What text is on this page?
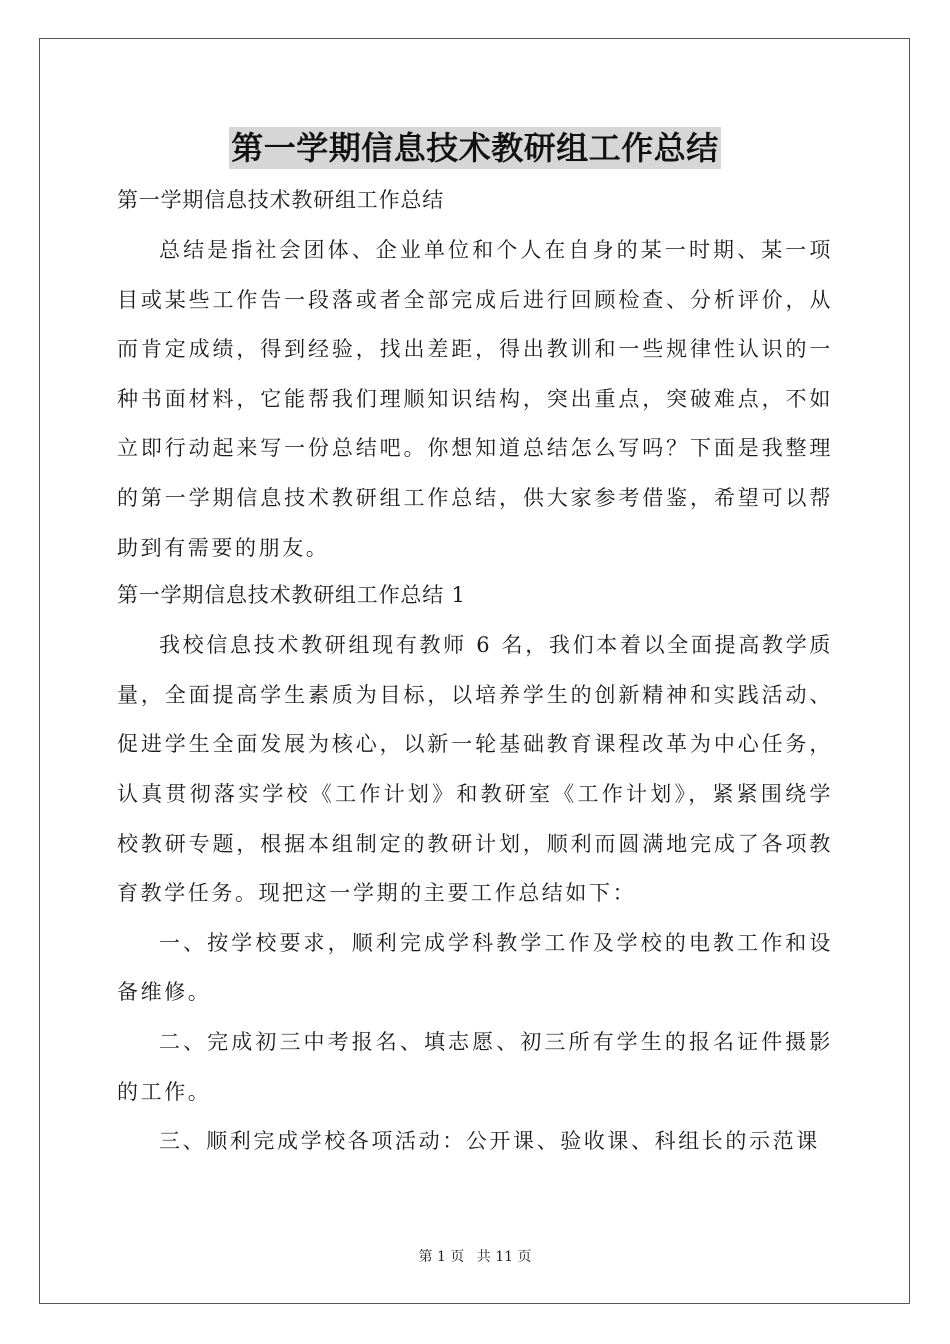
第一学期信息技术教研组工作总结

第一学期信息技术教研组工作总结

总结是指社会团体、企业单位和个人在自身的某一时期、某一项目或某些工作告一段落或者全部完成后进行回顾检查、分析评价，从而肯定成绩，得到经验，找出差距，得出教训和一些规律性认识的一种书面材料，它能帮我们理顺知识结构，突出重点，突破难点，不如立即行动起来写一份总结吧。你想知道总结怎么写吗？下面是我整理的第一学期信息技术教研组工作总结，供大家参考借鉴，希望可以帮助到有需要的朋友。

第一学期信息技术教研组工作总结 1

我校信息技术教研组现有教师 6 名，我们本着以全面提高教学质量，全面提高学生素质为目标，以培养学生的创新精神和实践活动、促进学生全面发展为核心，以新一轮基础教育课程改革为中心任务，认真贯彻落实学校《工作计划》和教研室《工作计划》，紧紧围绕学校教研专题，根据本组制定的教研计划，顺利而圆满地完成了各项教育教学任务。现把这一学期的主要工作总结如下：

一、按学校要求，顺利完成学科教学工作及学校的电教工作和设备维修。

二、完成初三中考报名、填志愿、初三所有学生的报名证件摄影的工作。

三、顺利完成学校各项活动：公开课、验收课、科组长的示范课

第 1 页 共 11 页
